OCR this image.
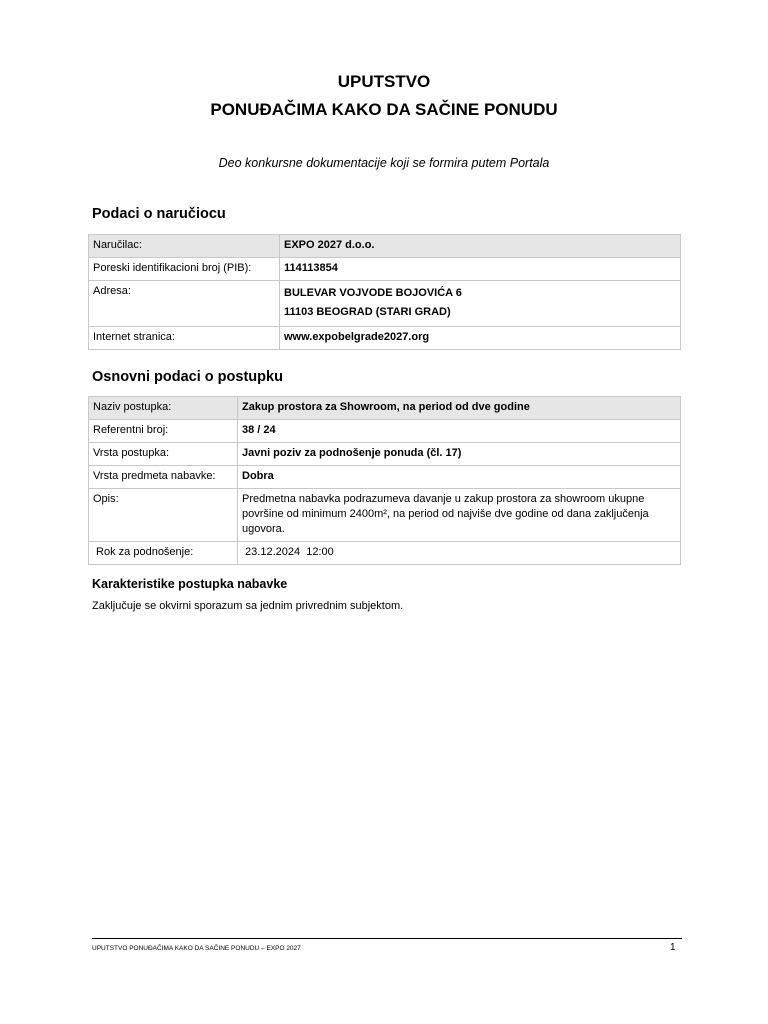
UPUTSTVO

PONUĐAČIMA KAKO DA SAČINE PONUDU

Deo konkursne dokumentacije koji se formira putem Portala

Podaci o naručiocu

Naručilac:	EXPO 2027 d.o.o.
Poreski identifikacioni broj (PIB):	114113854
Adresa:	BULEVAR VOJVODE BOJOVIĆA 6
11103 BEOGRAD (STARI GRAD)

Internet stranica:	www.expobelgrade2027.org

Osnovni podaci o postupku

Naziv postupka:	Zakup prostora za Showroom, na period od dve godine
Referentni broj:	38 / 24
Vrsta postupka:	Javni poziv za podnošenje ponuda (čl. 17)
Vrsta predmeta nabavke:	Dobra
Opis:	Predmetna nabavka podrazumeva davanje u zakup prostora za showroom ukupne površine od minimum 2400m², na period od najviše dve godine od dana zaključenja ugovora.
Rok za podnošenje:	23.12.2024  12:00

Karakteristike postupka nabavke

Zaključuje se okvirni sporazum sa jednim privrednim subjektom.

UPUTSTVO PONUĐAČIMA KAKO DA SAČINE PONUDU – EXPO 2027	1
